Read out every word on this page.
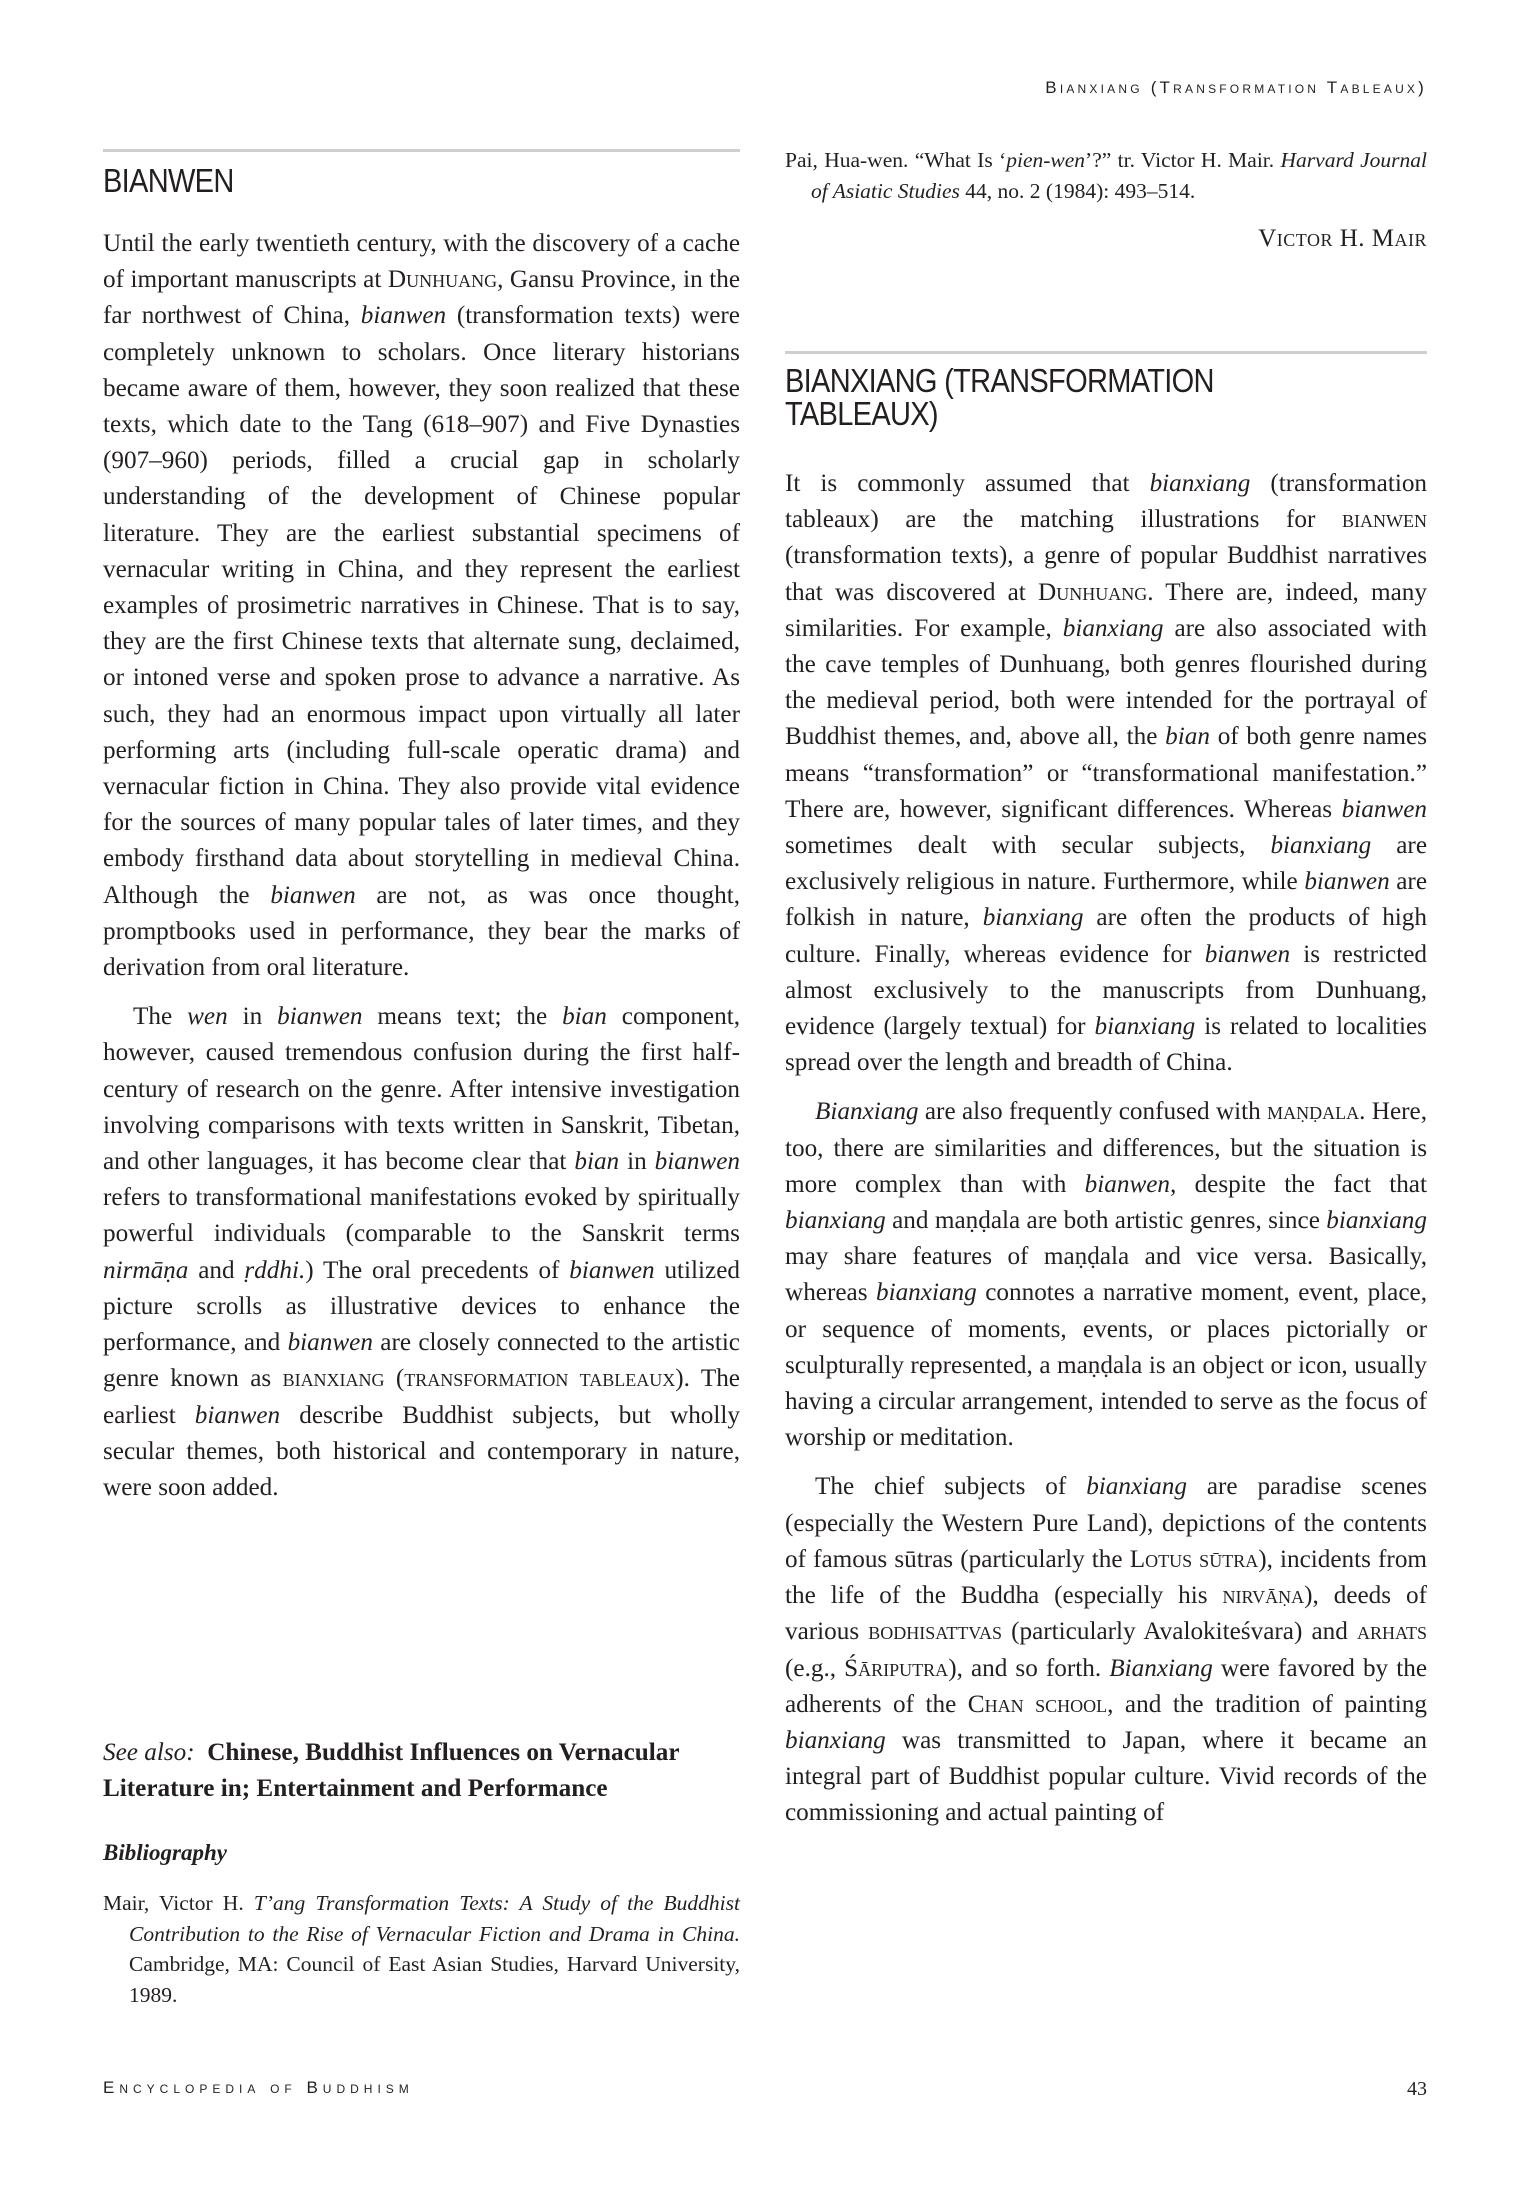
Bianxiang (Transformation Tableaux)
BIANWEN

Until the early twentieth century, with the discovery of a cache of important manuscripts at Dunhuang, Gansu Province, in the far northwest of China, bianwen (transformation texts) were completely unknown to scholars. Once literary historians became aware of them, however, they soon realized that these texts, which date to the Tang (618–907) and Five Dynasties (907–960) periods, filled a crucial gap in scholarly understanding of the development of Chinese popular literature. They are the earliest substantial specimens of vernacular writing in China, and they represent the earliest examples of prosimetric narratives in Chinese. That is to say, they are the first Chinese texts that alternate sung, declaimed, or intoned verse and spoken prose to advance a narrative. As such, they had an enormous impact upon virtually all later performing arts (including full-scale operatic drama) and vernacular fiction in China. They also provide vital evidence for the sources of many popular tales of later times, and they embody firsthand data about storytelling in medieval China. Although the bianwen are not, as was once thought, promptbooks used in performance, they bear the marks of derivation from oral literature.

The wen in bianwen means text; the bian component, however, caused tremendous confusion during the first half-century of research on the genre. After intensive investigation involving comparisons with texts written in Sanskrit, Tibetan, and other languages, it has become clear that bian in bianwen refers to transformational manifestations evoked by spiritually powerful individuals (comparable to the Sanskrit terms nirmāṇa and ṛddhi.) The oral precedents of bianwen utilized picture scrolls as illustrative devices to enhance the performance, and bianwen are closely connected to the artistic genre known as bianxiang (transformation tableaux). The earliest bianwen describe Buddhist subjects, but wholly secular themes, both historical and contemporary in nature, were soon added.

See also: Chinese, Buddhist Influences on Vernacular Literature in; Entertainment and Performance
Bibliography
Mair, Victor H. T’ang Transformation Texts: A Study of the Buddhist Contribution to the Rise of Vernacular Fiction and Drama in China. Cambridge, MA: Council of East Asian Studies, Harvard University, 1989.
Pai, Hua-wen. “What Is ‘pien-wen’?” tr. Victor H. Mair. Harvard Journal of Asiatic Studies 44, no. 2 (1984): 493–514.
Victor H. Mair
BIANXIANG (TRANSFORMATION
TABLEAUX)

It is commonly assumed that bianxiang (transformation tableaux) are the matching illustrations for bianwen (transformation texts), a genre of popular Buddhist narratives that was discovered at Dunhuang. There are, indeed, many similarities. For example, bianxiang are also associated with the cave temples of Dunhuang, both genres flourished during the medieval period, both were intended for the portrayal of Buddhist themes, and, above all, the bian of both genre names means “transformation” or “transformational manifestation.” There are, however, significant differences. Whereas bianwen sometimes dealt with secular subjects, bianxiang are exclusively religious in nature. Furthermore, while bianwen are folkish in nature, bianxiang are often the products of high culture. Finally, whereas evidence for bianwen is restricted almost exclusively to the manuscripts from Dunhuang, evidence (largely textual) for bianxiang is related to localities spread over the length and breadth of China.

Bianxiang are also frequently confused with maṇḍala. Here, too, there are similarities and differences, but the situation is more complex than with bianwen, despite the fact that bianxiang and maṇḍala are both artistic genres, since bianxiang may share features of maṇḍala and vice versa. Basically, whereas bianxiang connotes a narrative moment, event, place, or sequence of moments, events, or places pictorially or sculpturally represented, a maṇḍala is an object or icon, usually having a circular arrangement, intended to serve as the focus of worship or meditation.

The chief subjects of bianxiang are paradise scenes (especially the Western Pure Land), depictions of the contents of famous sūtras (particularly the Lotus sūtra), incidents from the life of the Buddha (especially his nirvāṇa), deeds of various bodhisattvas (particularly Avalokiteśvara) and arhats (e.g., Śāriputra), and so forth. Bianxiang were favored by the adherents of the Chan school, and the tradition of painting bianxiang was transmitted to Japan, where it became an integral part of Buddhist popular culture. Vivid records of the commissioning and actual painting of

Encyclopedia of Buddhism	43
